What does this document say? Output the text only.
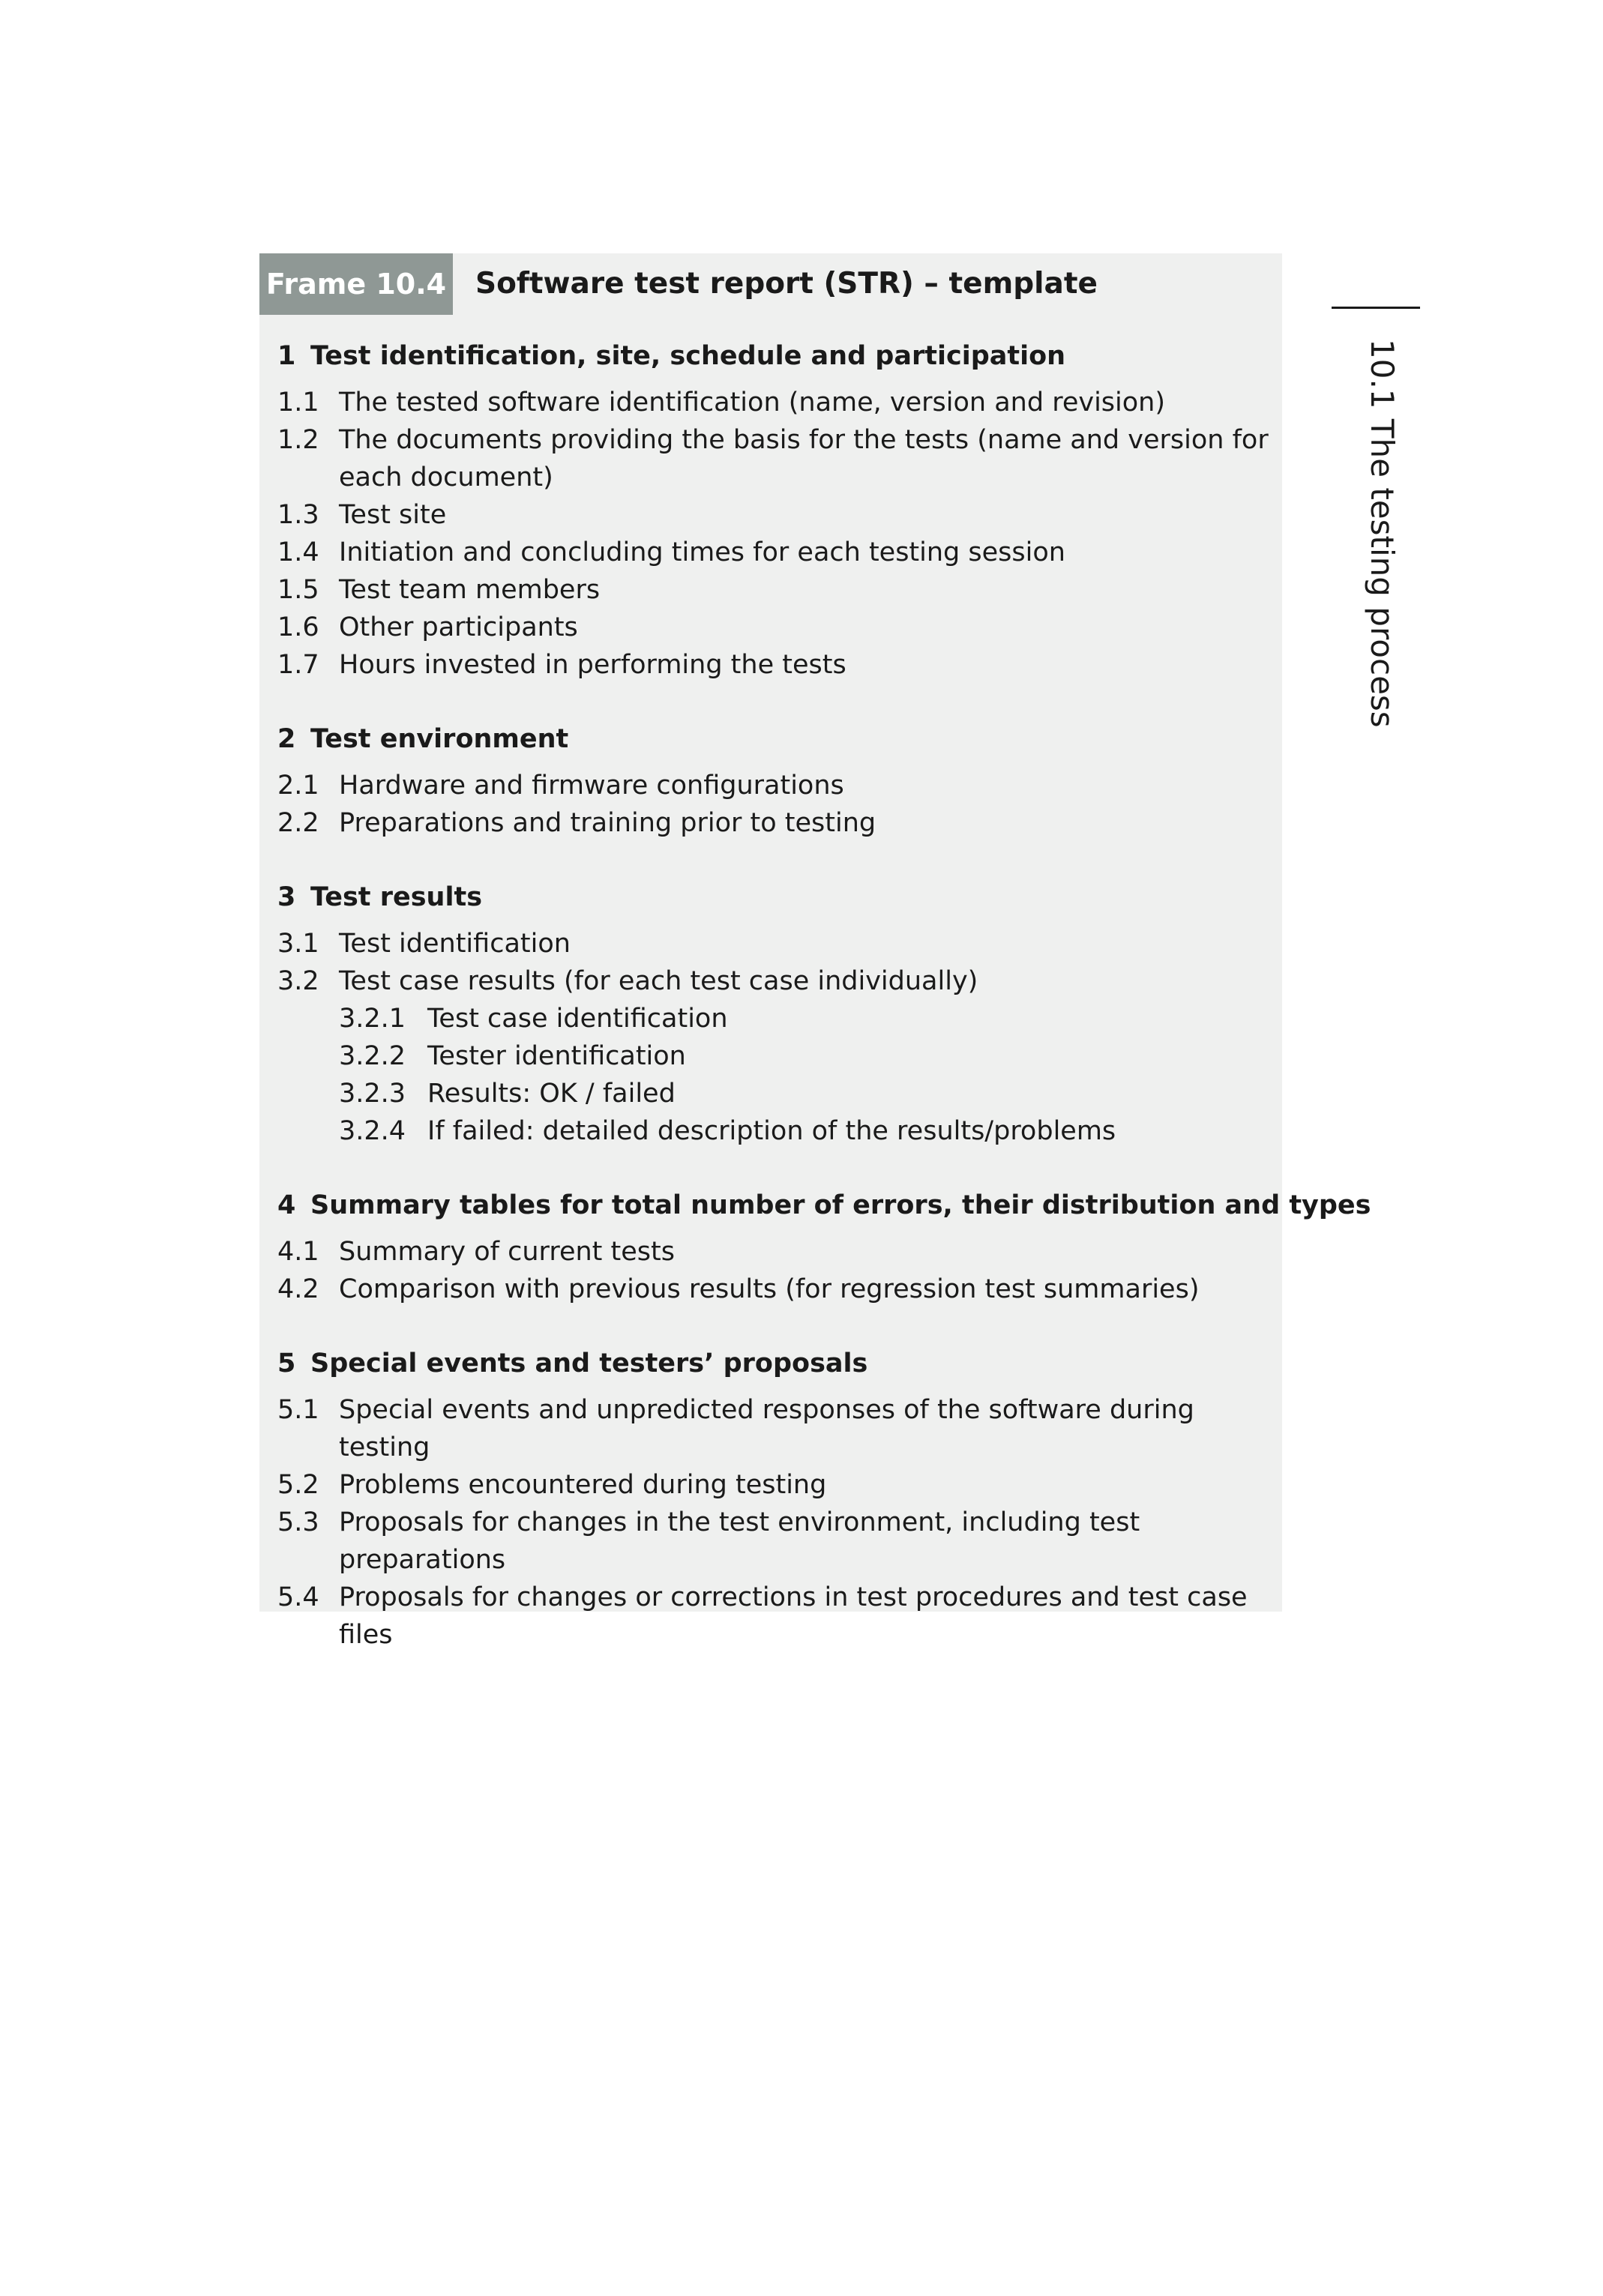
Frame 10.4 Software test report (STR) – template
1 Test identification, site, schedule and participation
1.1 The tested software identification (name, version and revision)
1.2 The documents providing the basis for the tests (name and version for each document)
1.3 Test site
1.4 Initiation and concluding times for each testing session
1.5 Test team members
1.6 Other participants
1.7 Hours invested in performing the tests
2 Test environment
2.1 Hardware and firmware configurations
2.2 Preparations and training prior to testing
3 Test results
3.1 Test identification
3.2 Test case results (for each test case individually)
3.2.1 Test case identification
3.2.2 Tester identification
3.2.3 Results: OK / failed
3.2.4 If failed: detailed description of the results/problems
4 Summary tables for total number of errors, their distribution and types
4.1 Summary of current tests
4.2 Comparison with previous results (for regression test summaries)
5 Special events and testers’ proposals
5.1 Special events and unpredicted responses of the software during testing
5.2 Problems encountered during testing
5.3 Proposals for changes in the test environment, including test preparations
5.4 Proposals for changes or corrections in test procedures and test case files
10.1 The testing process
